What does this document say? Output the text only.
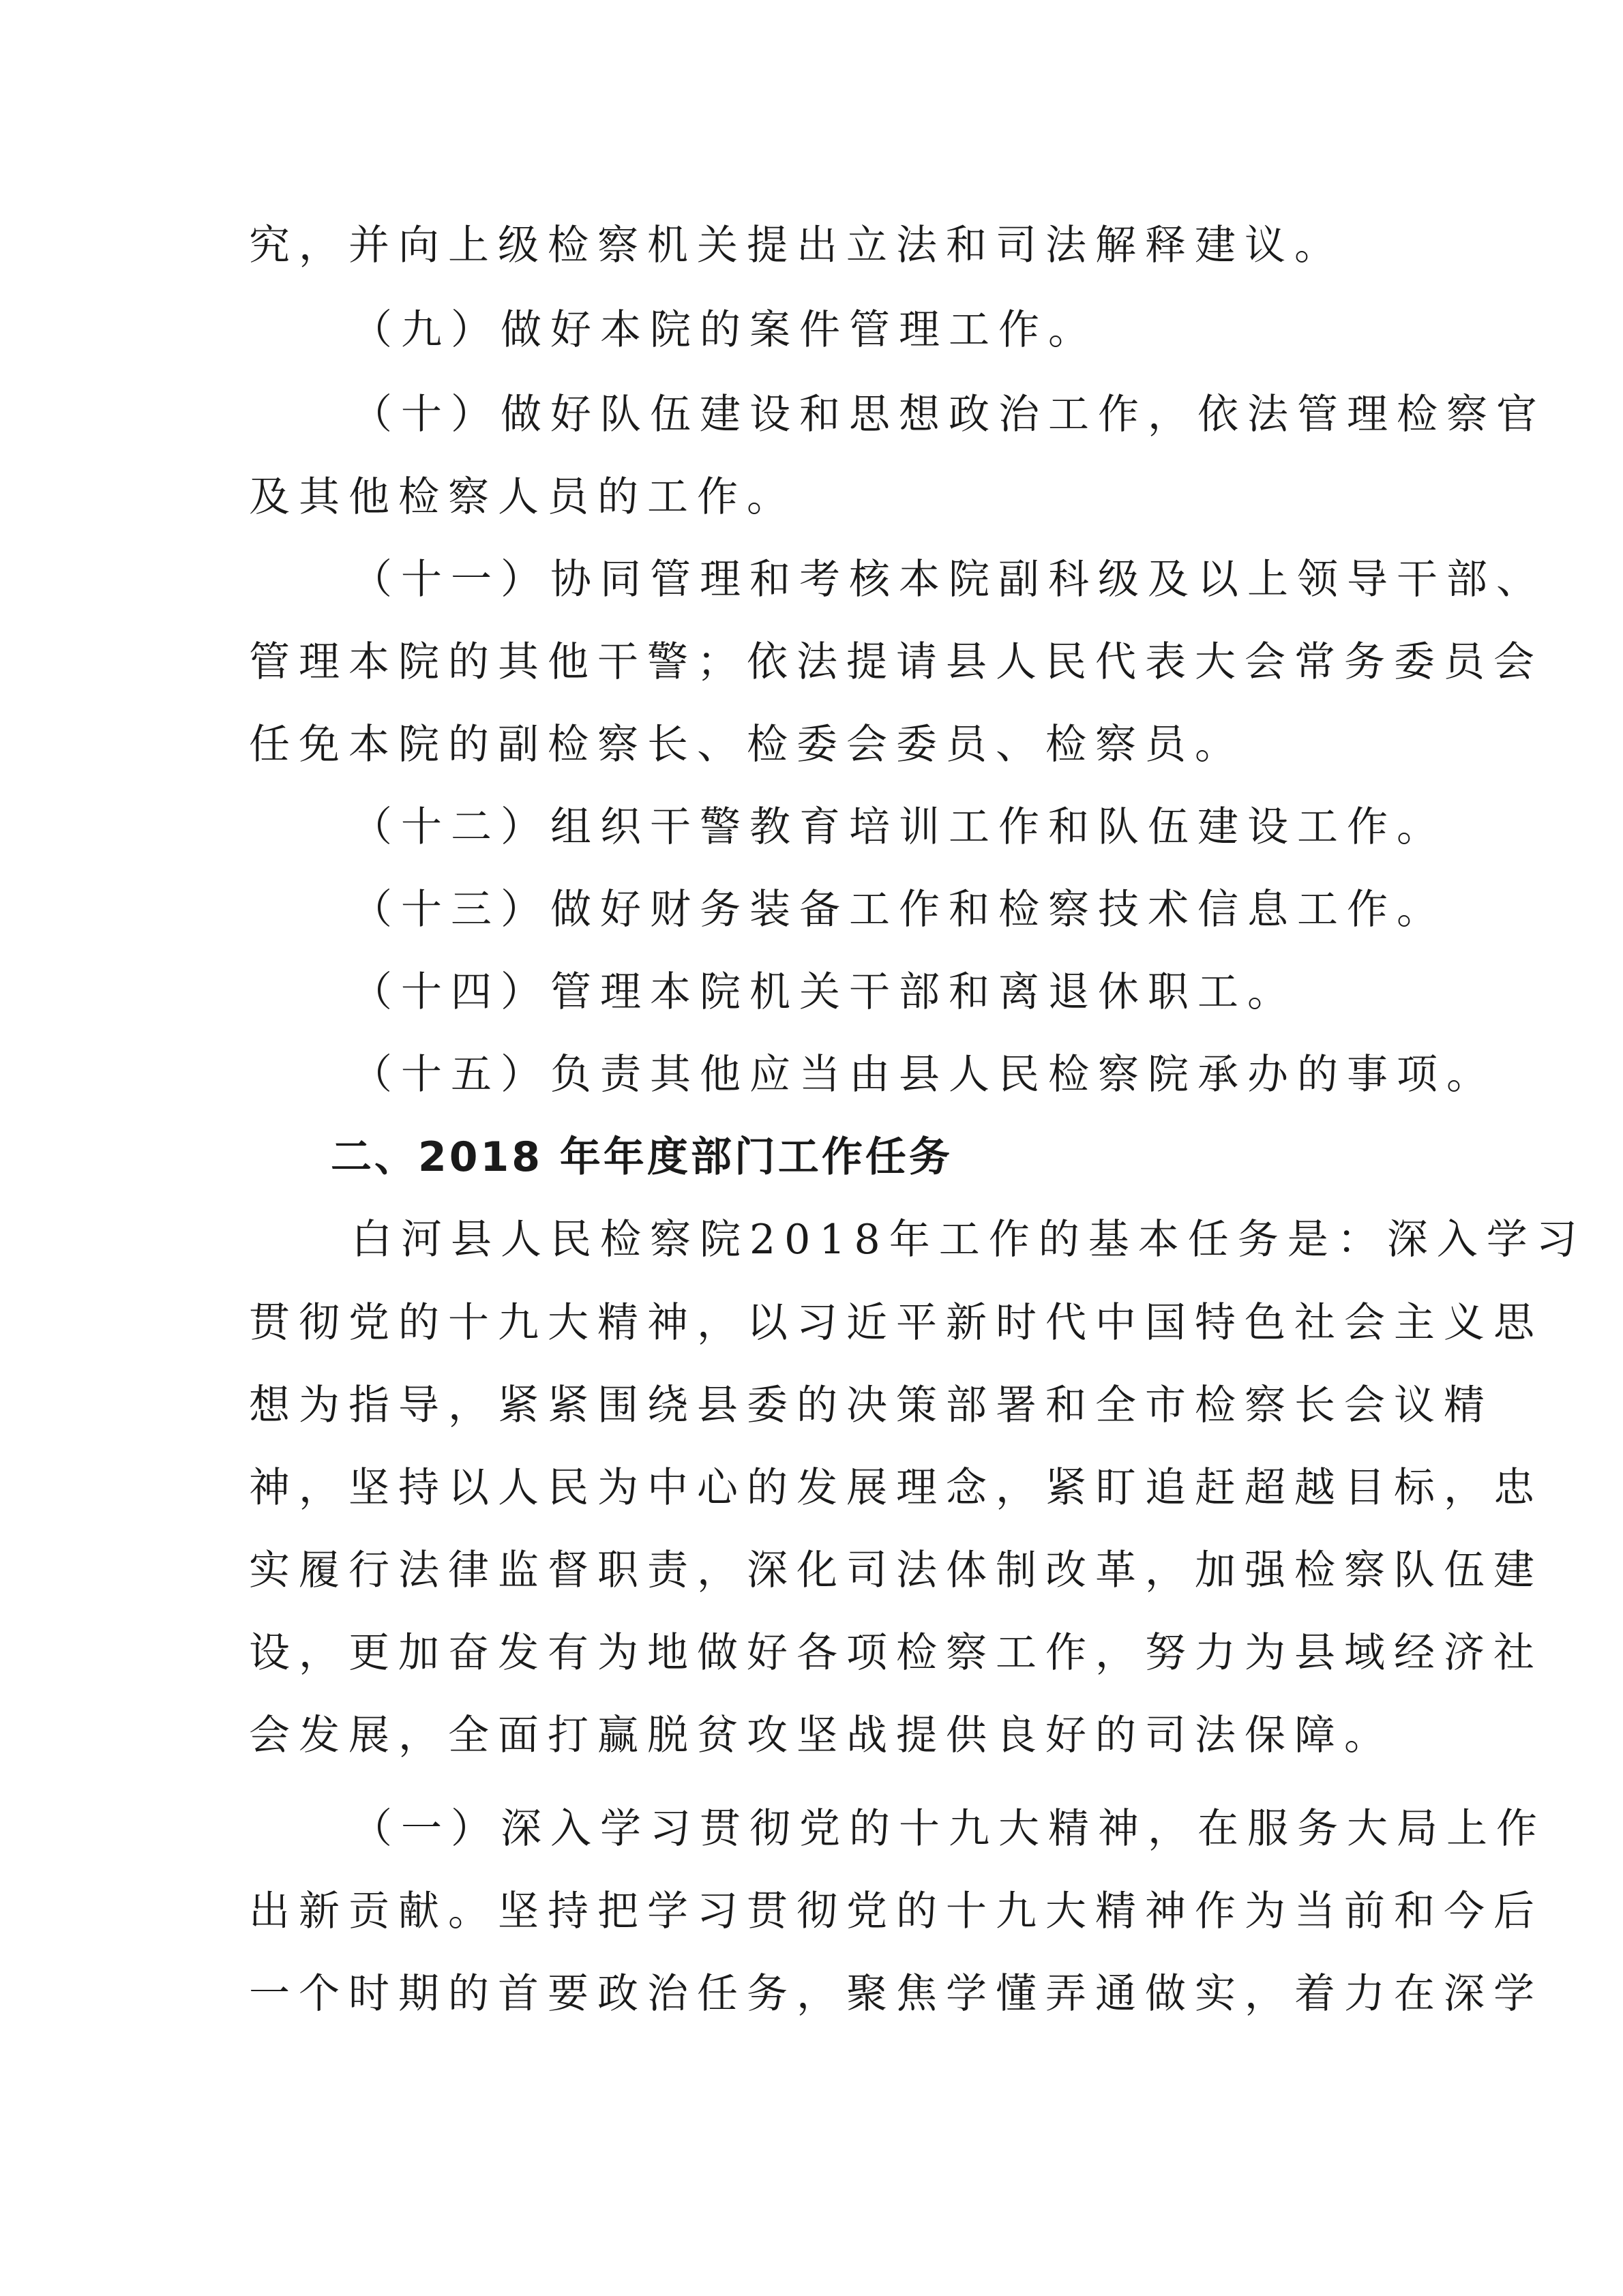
究，并向上级检察机关提出立法和司法解释建议。
（九）做好本院的案件管理工作。
（十）做好队伍建设和思想政治工作，依法管理检察官
及其他检察人员的工作。
（十一）协同管理和考核本院副科级及以上领导干部、
管理本院的其他干警；依法提请县人民代表大会常务委员会
任免本院的副检察长、检委会委员、检察员。
（十二）组织干警教育培训工作和队伍建设工作。
（十三）做好财务装备工作和检察技术信息工作。
（十四）管理本院机关干部和离退休职工。
（十五）负责其他应当由县人民检察院承办的事项。
二、2018 年年度部门工作任务
白河县人民检察院2018年工作的基本任务是：深入学习
贯彻党的十九大精神，以习近平新时代中国特色社会主义思
想为指导，紧紧围绕县委的决策部署和全市检察长会议精
神，坚持以人民为中心的发展理念，紧盯追赶超越目标，忠
实履行法律监督职责，深化司法体制改革，加强检察队伍建
设，更加奋发有为地做好各项检察工作，努力为县域经济社
会发展，全面打赢脱贫攻坚战提供良好的司法保障。
（一）深入学习贯彻党的十九大精神，在服务大局上作
出新贡献。坚持把学习贯彻党的十九大精神作为当前和今后
一个时期的首要政治任务，聚焦学懂弄通做实，着力在深学
